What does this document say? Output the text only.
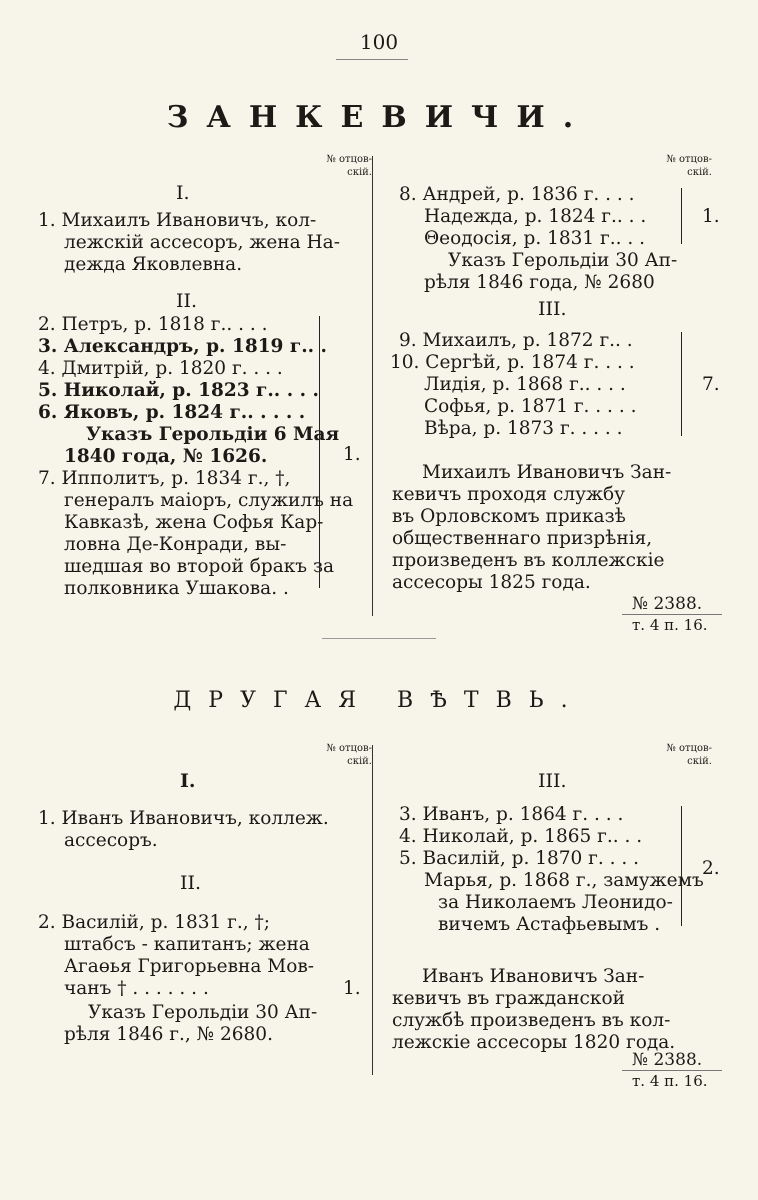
100
ЗАНКЕВИЧИ.
№ отцов-
скій.
№ отцов-
скій.
I.
1. Михаилъ Ивановичъ, кол-
лежскій ассесоръ, жена На-
дежда Яковлевна.
II.
2. Петръ, р. 1818 г.. . . .
3. Александръ, р. 1819 г.. .
4. Дмитрій, р. 1820 г. . . .
5. Николай, р. 1823 г.. . . .
6. Яковъ, р. 1824 г.. . . . .
Указъ Герольдіи 6 Мая
1840 года, № 1626.
7. Ипполитъ, р. 1834 г., †,
генералъ маіоръ, служилъ на
Кавказѣ, жена Софья Кар-
ловна Де-Конради, вы-
шедшая во второй бракъ за
полковника Ушакова. .
1.
8. Андрей, р. 1836 г. . . .
Надежда, р. 1824 г.. . .
Θеодосія, р. 1831 г.. . .
1.
Указъ Герольдіи 30 Ап-
рѣля 1846 года, № 2680
III.
9. Михаилъ, р. 1872 г.. .
10. Сергѣй, р. 1874 г. . . .
Лидія, р. 1868 г.. . . .
Софья, р. 1871 г. . . . .
Вѣра, р. 1873 г. . . . .
7.
Михаилъ Ивановичъ Зан-
кевичъ проходя службу
въ Орловскомъ приказѣ
общественнаго призрѣнія,
произведенъ въ коллежскіе
ассесоры 1825 года.
№ 2388.
т. 4 п. 16.
ДРУГАЯ ВѢТВЬ.
№ отцов-
скій.
№ отцов-
скій.
I.
1. Иванъ Ивановичъ, коллеж.
ассесоръ.
II.
2. Василій, р. 1831 г., †;
штабсъ - капитанъ; жена
Агаөья Григорьевна Мов-
чанъ † . . . . . . .	1.
Указъ Герольдіи 30 Ап-
рѣля 1846 г., № 2680.
III.
3. Иванъ, р. 1864 г. . . .
4. Николай, р. 1865 г.. . .
5. Василій, р. 1870 г. . . .
Марья, р. 1868 г., замужемъ
за Николаемъ Леонидо-
вичемъ Астафьевымъ .
2.
Иванъ Ивановичъ Зан-
кевичъ въ гражданской
службѣ произведенъ въ кол-
лежскіе ассесоры 1820 года.
№ 2388.
т. 4 п. 16.
